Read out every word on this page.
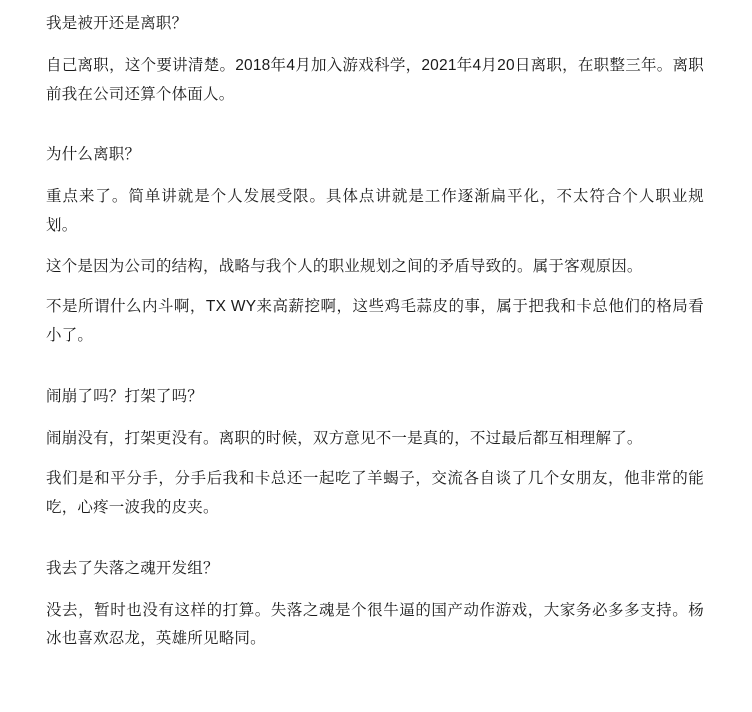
我是被开还是离职？

自己离职，这个要讲清楚。2018年4月加入游戏科学，2021年4月20日离职，在职整三年。离职前我在公司还算个体面人。

为什么离职？

重点来了。简单讲就是个人发展受限。具体点讲就是工作逐渐扁平化，不太符合个人职业规划。

这个是因为公司的结构，战略与我个人的职业规划之间的矛盾导致的。属于客观原因。

不是所谓什么内斗啊，TX WY来高薪挖啊，这些鸡毛蒜皮的事，属于把我和卡总他们的格局看小了。

闹崩了吗？打架了吗？

闹崩没有，打架更没有。离职的时候，双方意见不一是真的，不过最后都互相理解了。

我们是和平分手，分手后我和卡总还一起吃了羊蝎子，交流各自谈了几个女朋友，他非常的能吃，心疼一波我的皮夹。

我去了失落之魂开发组？

没去，暂时也没有这样的打算。失落之魂是个很牛逼的国产动作游戏，大家务必多多支持。杨冰也喜欢忍龙，英雄所见略同。
